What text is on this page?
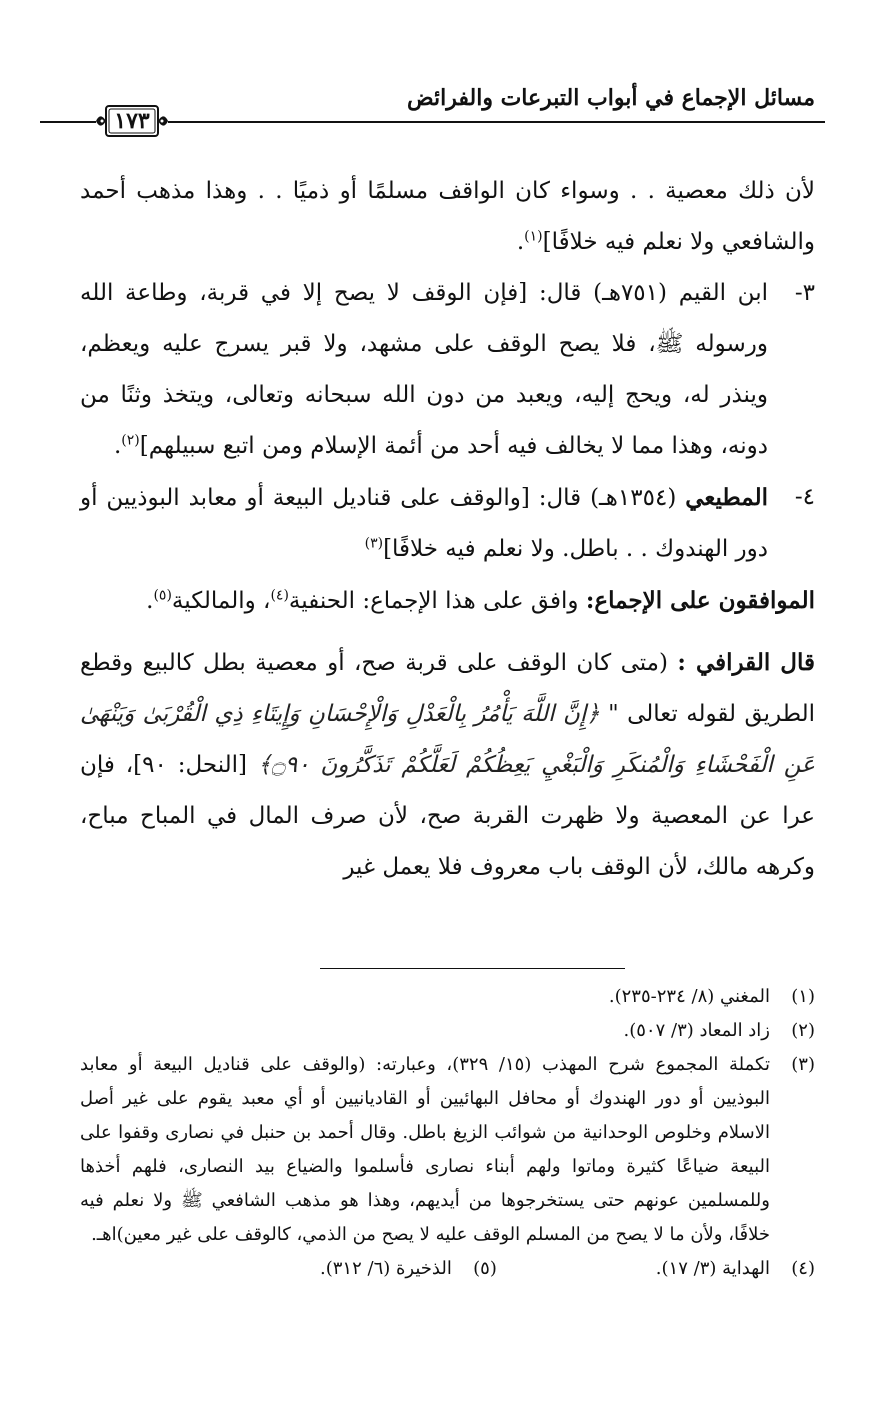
مسائل الإجماع في أبواب التبرعات والفرائض
١٧٣

لأن ذلك معصية . . وسواء كان الواقف مسلمًا أو ذميًا . . وهذا مذهب أحمد والشافعي ولا نعلم فيه خلافًا]$^{(١)}$.

٣-
ابن القيم (٧٥١هـ) قال: [فإن الوقف لا يصح إلا في قربة، وطاعة الله ورسوله ﷺ، فلا يصح الوقف على مشهد، ولا قبر يسرج عليه ويعظم، وينذر له، ويحج إليه، ويعبد من دون الله سبحانه وتعالى، ويتخذ وثنًا من دونه، وهذا مما لا يخالف فيه أحد من أئمة الإسلام ومن اتبع سبيلهم]$^{(٢)}$.

٤-
المطيعي (١٣٥٤هـ) قال: [والوقف على قناديل البيعة أو معابد البوذيين أو دور الهندوك . . باطل. ولا نعلم فيه خلافًا]$^{(٣)}$

الموافقون على الإجماع: وافق على هذا الإجماع: الحنفية$^{(٤)}$، والمالكية$^{(٥)}$.

قال القرافي : (متى كان الوقف على قربة صح، أو معصية بطل كالبيع وقطع الطريق لقوله تعالى " ﴿إِنَّ اللَّهَ يَأْمُرُ بِالْعَدْلِ وَالْإِحْسَانِ وَإِيتَاءِ ذِي الْقُرْبَىٰ وَيَنْهَىٰ عَنِ الْفَحْشَاءِ وَالْمُنكَرِ وَالْبَغْيِ يَعِظُكُمْ لَعَلَّكُمْ تَذَكَّرُونَ ۝٩٠﴾ [النحل: ٩٠]، فإن عرا عن المعصية ولا ظهرت القربة صح، لأن صرف المال في المباح مباح، وكرهه مالك، لأن الوقف باب معروف فلا يعمل غير

(١)
المغني (٨/ ٢٣٤-٢٣٥).

(٢)
زاد المعاد (٣/ ٥٠٧).

(٣)
تكملة المجموع شرح المهذب (١٥/ ٣٢٩)، وعبارته: (والوقف على قناديل البيعة أو معابد البوذيين أو دور الهندوك أو محافل البهائيين أو القاديانيين أو أي معبد يقوم على غير أصل الاسلام وخلوص الوحدانية من شوائب الزيغ باطل. وقال أحمد بن حنبل في نصارى وقفوا على البيعة ضياعًا كثيرة وماتوا ولهم أبناء نصارى فأسلموا والضياع بيد النصارى، فلهم أخذها وللمسلمين عونهم حتى يستخرجوها من أيديهم، وهذا هو مذهب الشافعي ﷺ ولا نعلم فيه خلافًا، ولأن ما لا يصح من المسلم الوقف عليه لا يصح من الذمي، كالوقف على غير معين)اهـ.

(٤)
الهداية (٣/ ١٧).

(٥)
الذخيرة (٦/ ٣١٢).
